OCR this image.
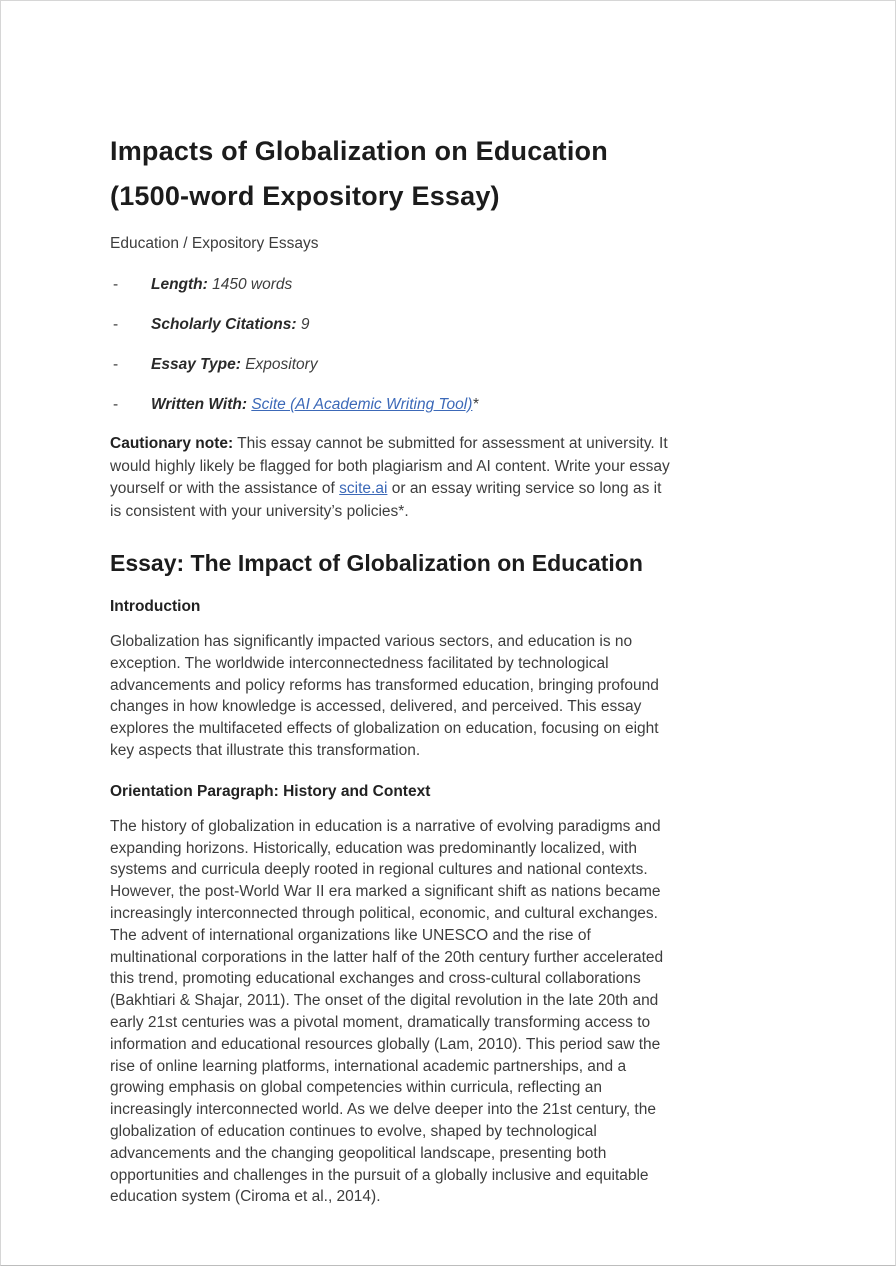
Impacts of Globalization on Education (1500-word Expository Essay)
Education / Expository Essays
-	Length: 1450 words
-	Scholarly Citations: 9
-	Essay Type: Expository
-	Written With: Scite (AI Academic Writing Tool)*

Cautionary note: This essay cannot be submitted for assessment at university. It would highly likely be flagged for both plagiarism and AI content. Write your essay yourself or with the assistance of scite.ai or an essay writing service so long as it is consistent with your university’s policies*.

Essay: The Impact of Globalization on Education
Introduction

Globalization has significantly impacted various sectors, and education is no exception. The worldwide interconnectedness facilitated by technological advancements and policy reforms has transformed education, bringing profound changes in how knowledge is accessed, delivered, and perceived. This essay explores the multifaceted effects of globalization on education, focusing on eight key aspects that illustrate this transformation.

Orientation Paragraph: History and Context

The history of globalization in education is a narrative of evolving paradigms and expanding horizons. Historically, education was predominantly localized, with systems and curricula deeply rooted in regional cultures and national contexts. However, the post-World War II era marked a significant shift as nations became increasingly interconnected through political, economic, and cultural exchanges. The advent of international organizations like UNESCO and the rise of multinational corporations in the latter half of the 20th century further accelerated this trend, promoting educational exchanges and cross-cultural collaborations (Bakhtiari & Shajar, 2011). The onset of the digital revolution in the late 20th and early 21st centuries was a pivotal moment, dramatically transforming access to information and educational resources globally (Lam, 2010). This period saw the rise of online learning platforms, international academic partnerships, and a growing emphasis on global competencies within curricula, reflecting an increasingly interconnected world. As we delve deeper into the 21st century, the globalization of education continues to evolve, shaped by technological advancements and the changing geopolitical landscape, presenting both opportunities and challenges in the pursuit of a globally inclusive and equitable education system (Ciroma et al., 2014).
